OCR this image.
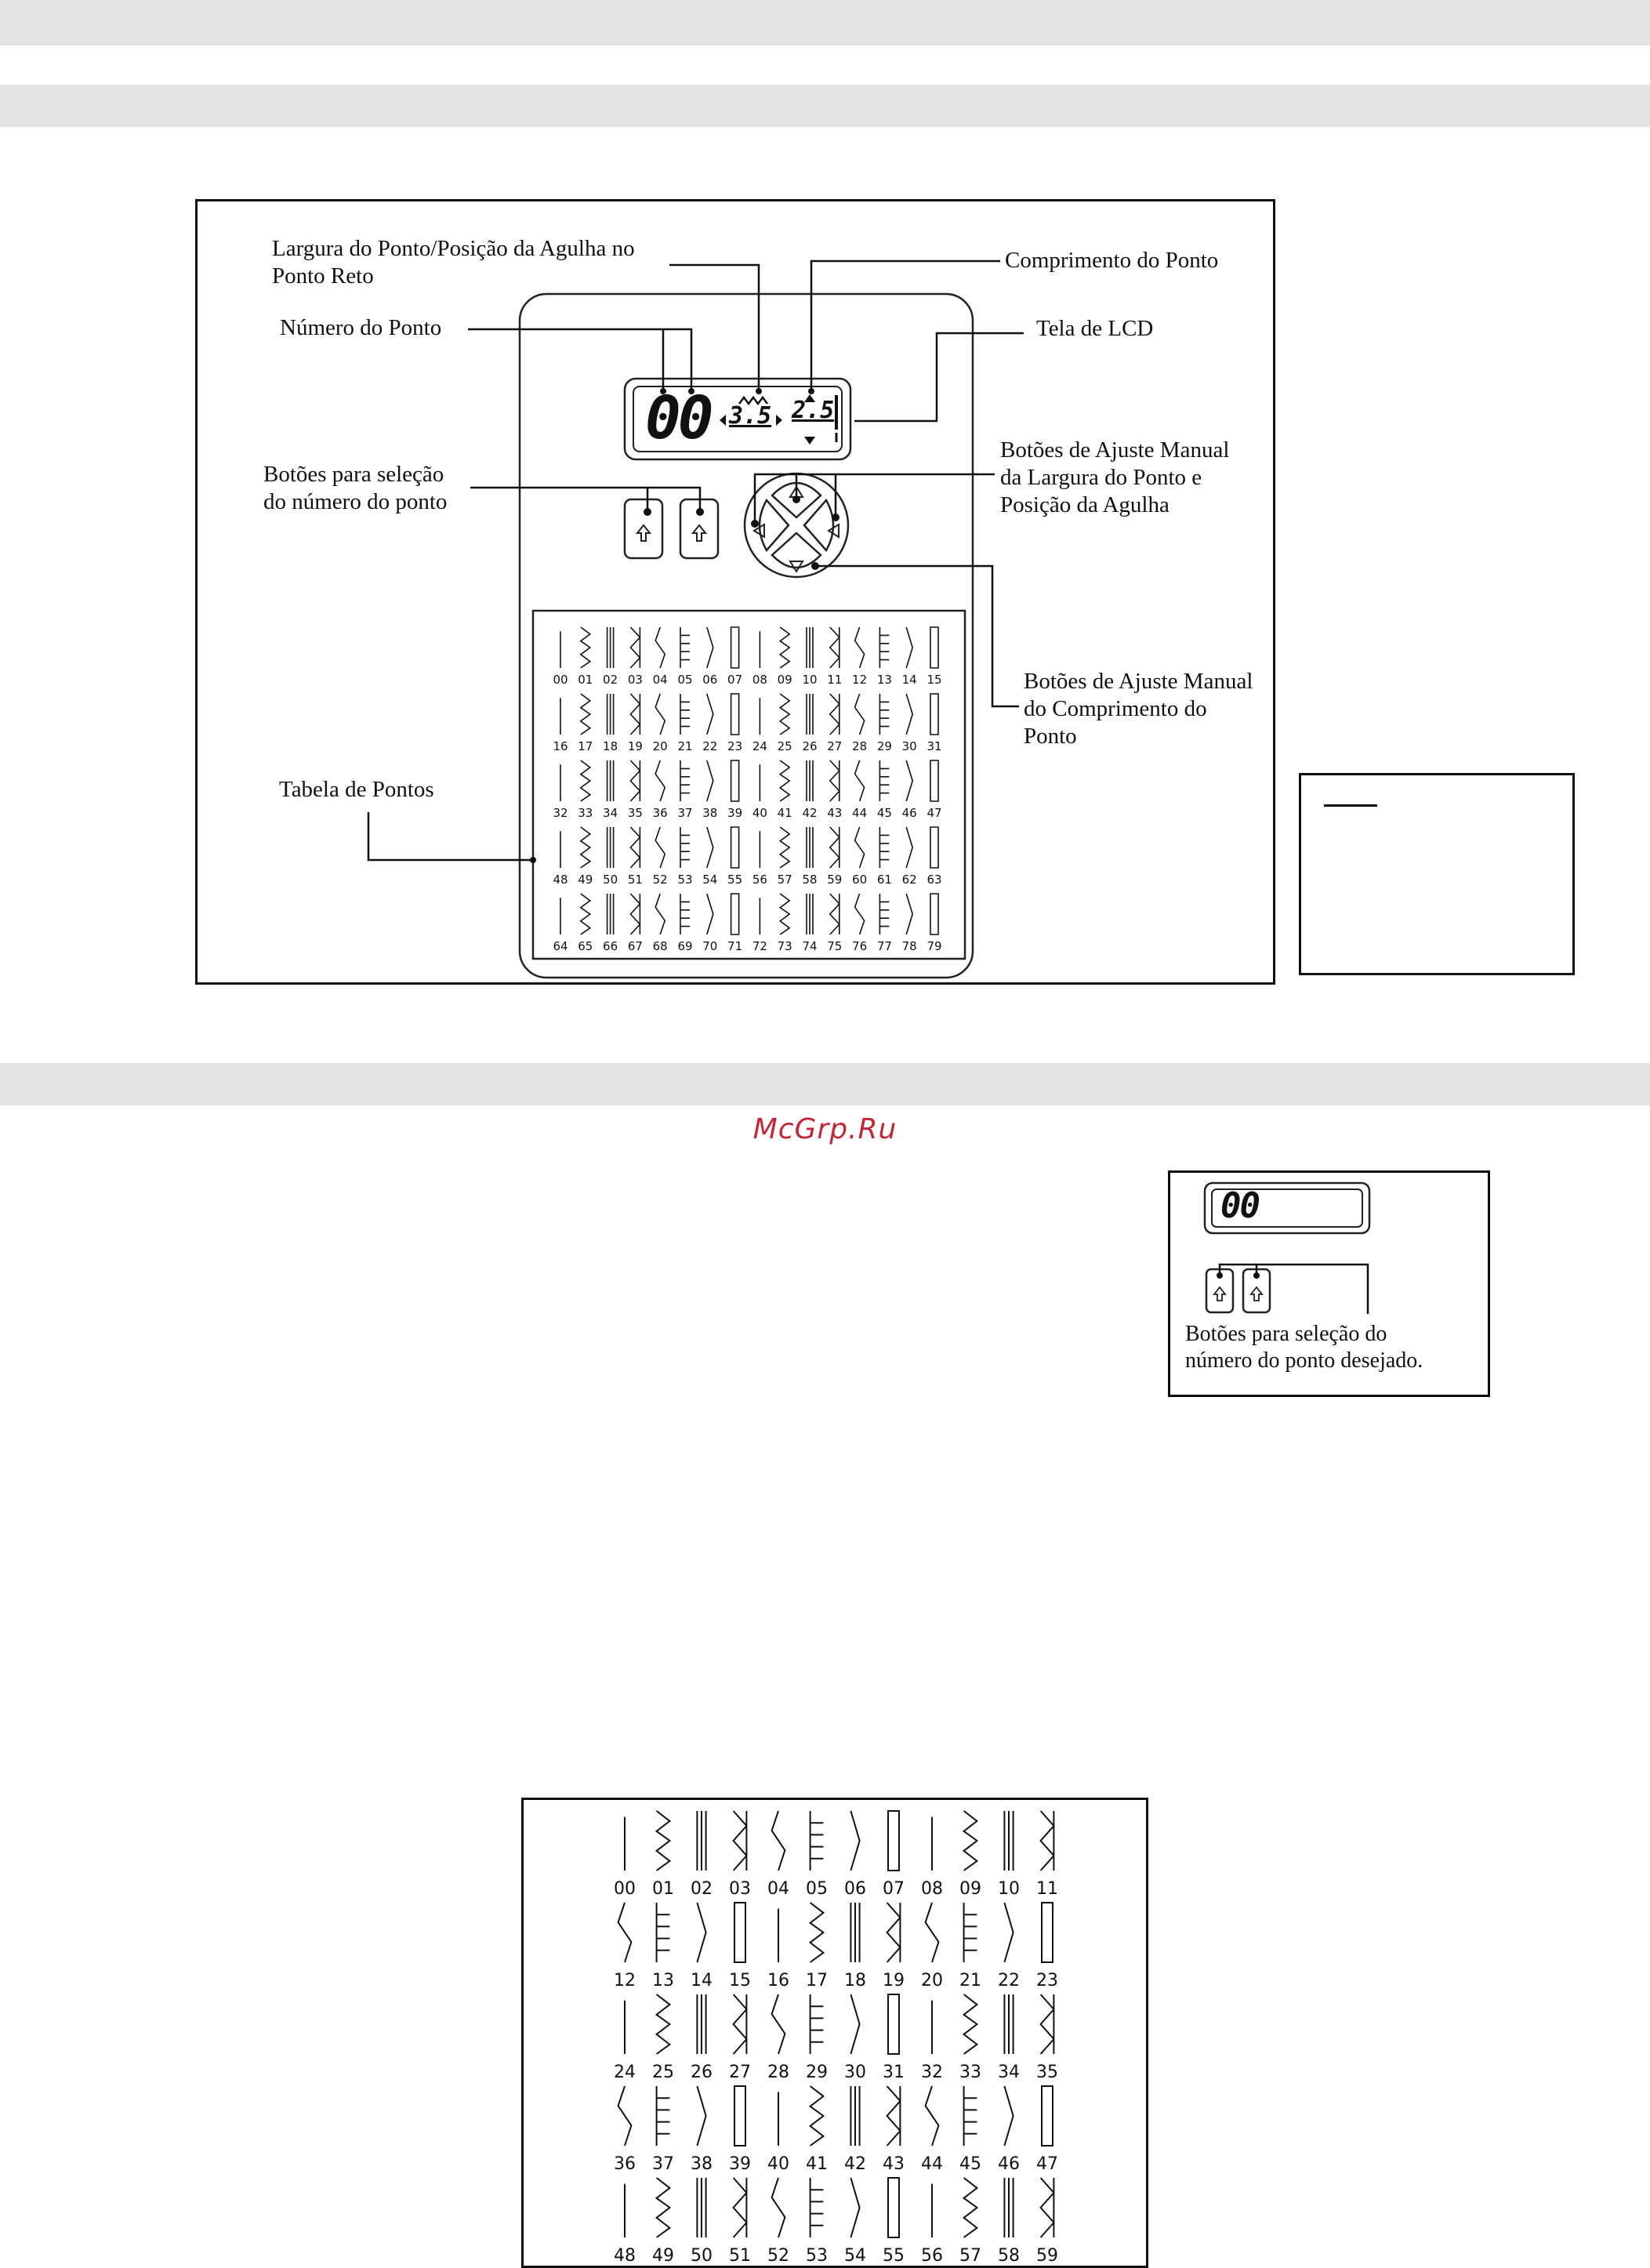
00 01 02 03 04 05 06 07 08 09 10 11 12 13 14 15
16 17 18 19 20 21 22 23 24 25 26 27 28 29 30 31
32 33 34 35 36 37 38 39 40 41 42 43 44 45 46 47
48 49 50 51 52 53 54 55 56 57 58 59 60 61 62 63
64 65 66 67 68 69 70 71 72 73 74 75 76 77 78 79
00 3.5 2.5
Largura do Ponto/Posição da Agulha no
Ponto Reto
Comprimento do Ponto
Número do Ponto	Tela de LCD
Botões para seleção
do número do ponto
Botões de Ajuste Manual
da Largura do Ponto e
Posição da Agulha
Botões de Ajuste Manual
do Comprimento do
Ponto
Tabela de Pontos
McGrp.Ru
00
Botões para seleção do
número do ponto desejado.
00 01 02 03 04 05 06 07 08 09 10 11
12 13 14 15 16 17 18 19 20 21 22 23
24 25 26 27 28 29 30 31 32 33 34 35
36 37 38 39 40 41 42 43 44 45 46 47
48 49 50 51 52 53 54 55 56 57 58 59
